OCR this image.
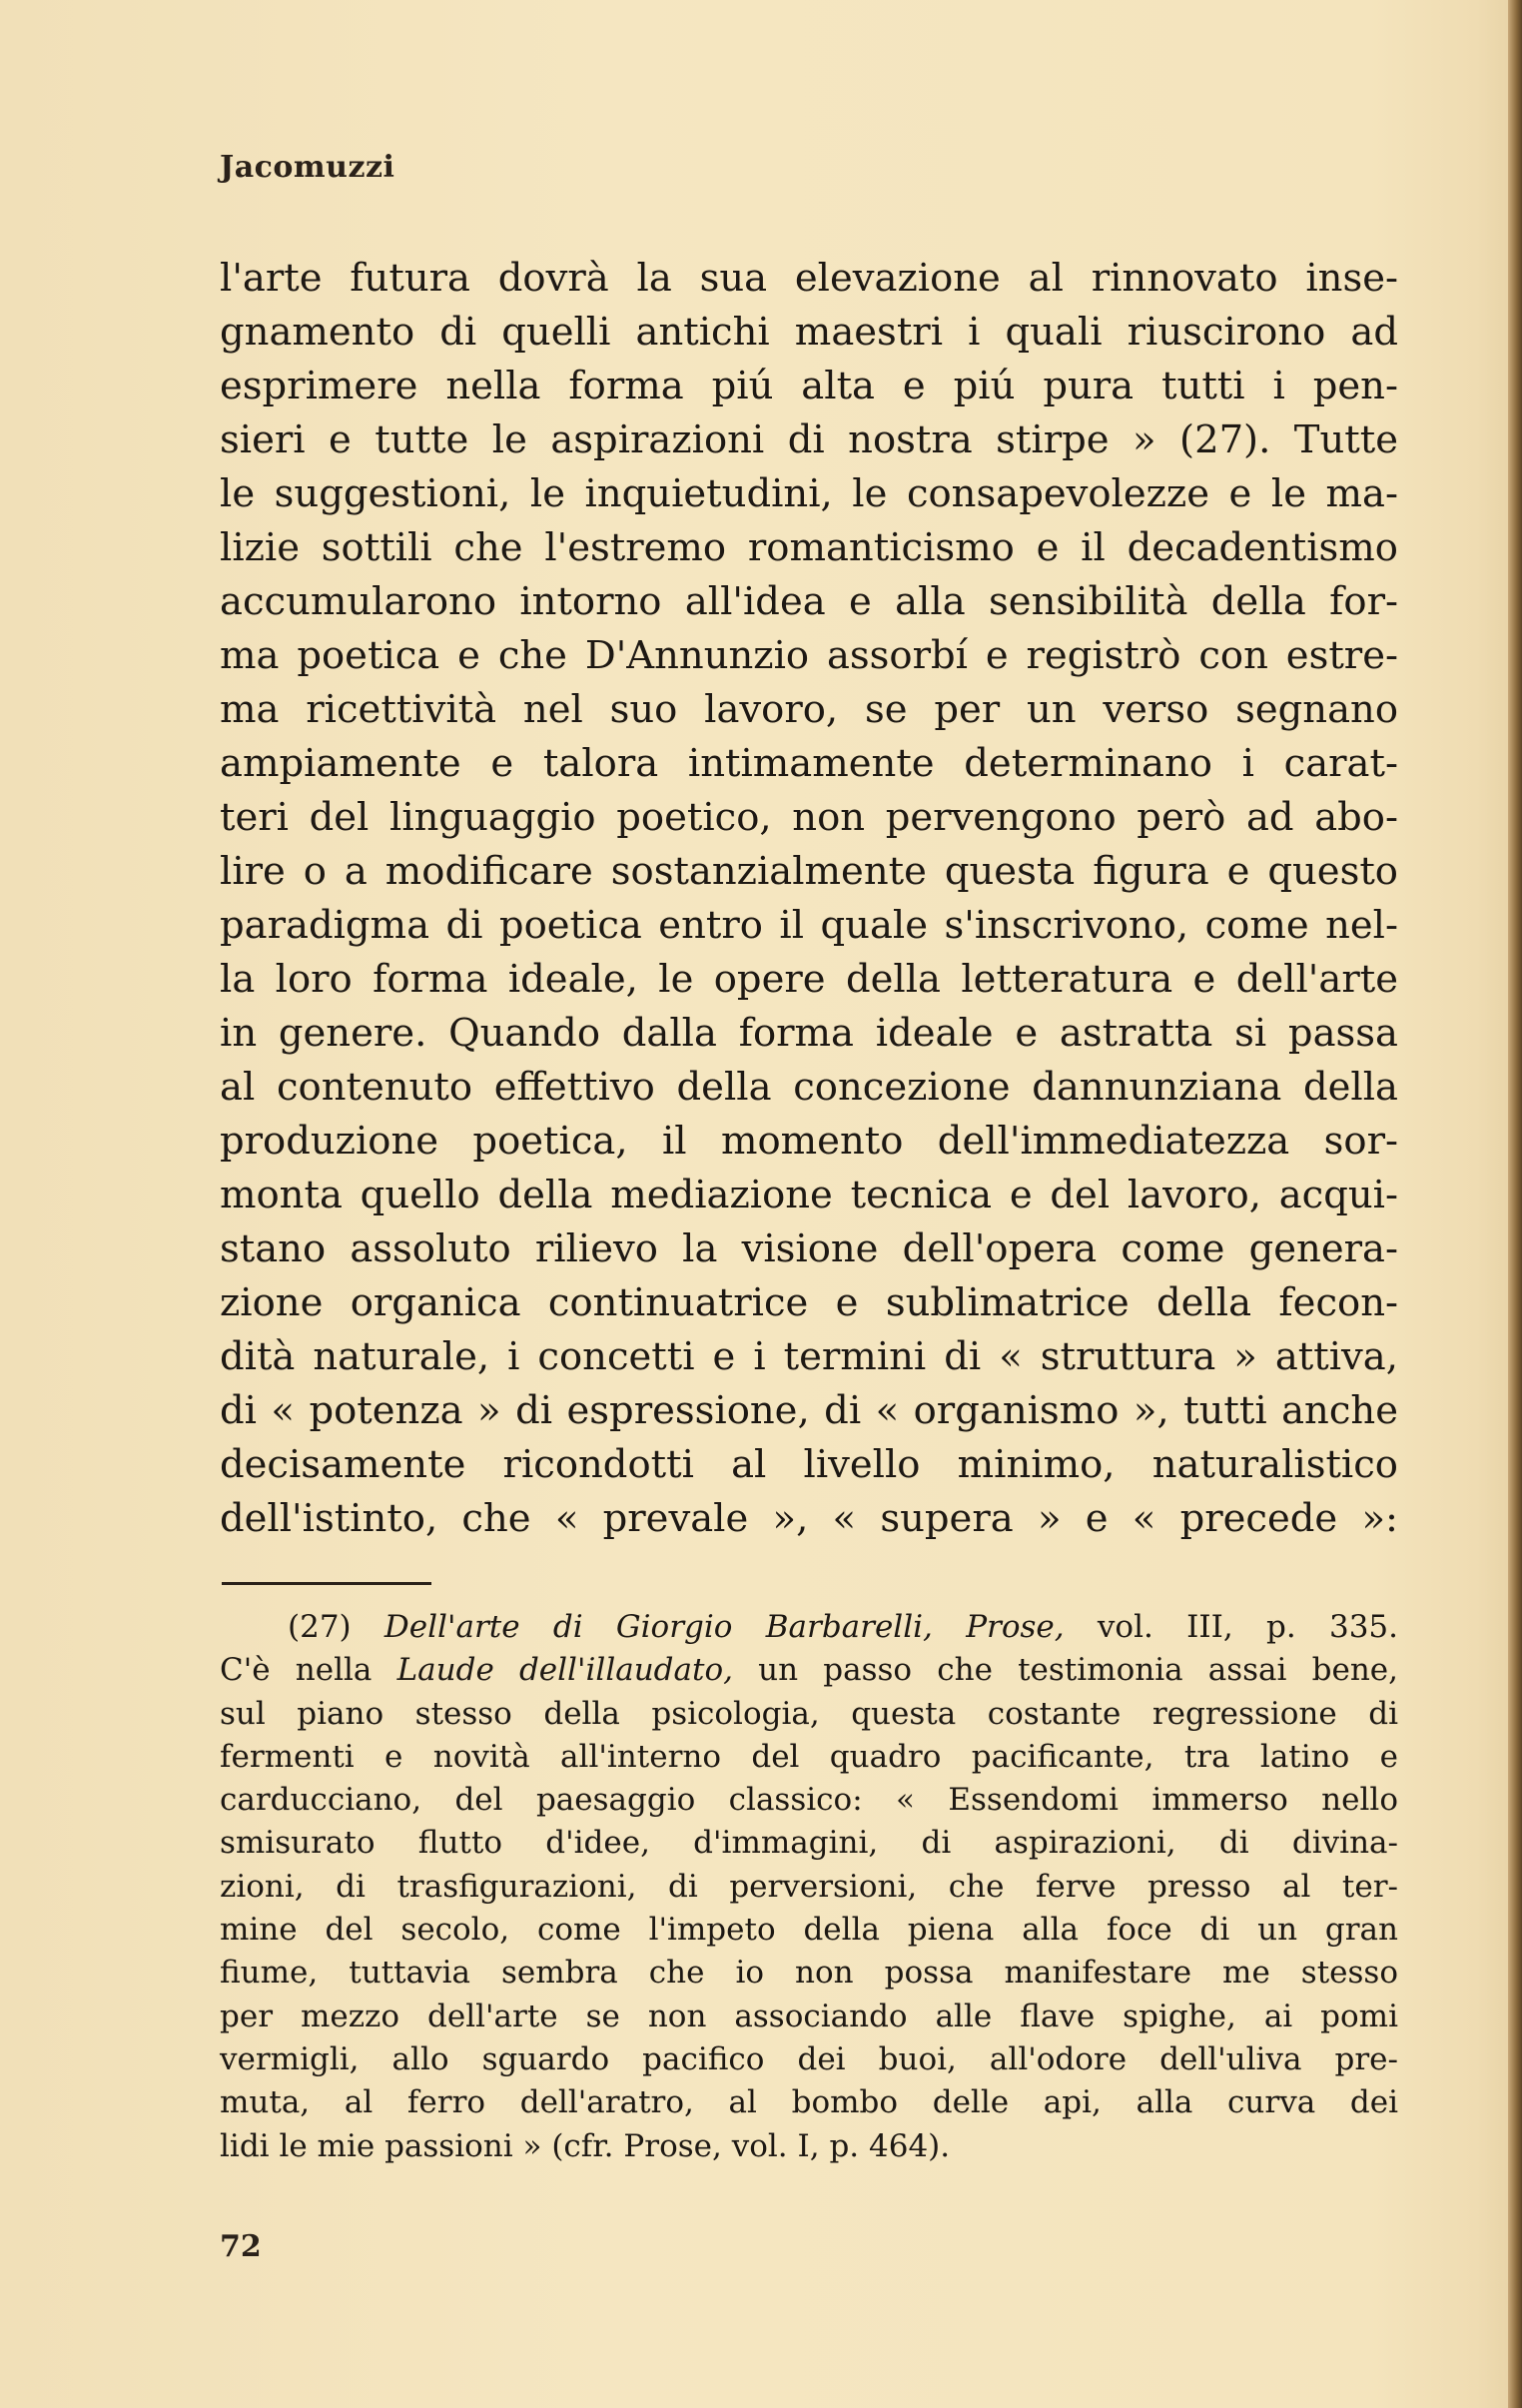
Jacomuzzi
l'arte futura dovrà la sua elevazione al rinnovato inse-
gnamento di quelli antichi maestri i quali riuscirono ad
esprimere nella forma piú alta e piú pura tutti i pen-
sieri e tutte le aspirazioni di nostra stirpe » (27). Tutte
le suggestioni, le inquietudini, le consapevolezze e le ma-
lizie sottili che l'estremo romanticismo e il decadentismo
accumularono intorno all'idea e alla sensibilità della for-
ma poetica e che D'Annunzio assorbí e registrò con estre-
ma ricettività nel suo lavoro, se per un verso segnano
ampiamente e talora intimamente determinano i carat-
teri del linguaggio poetico, non pervengono però ad abo-
lire o a modificare sostanzialmente questa figura e questo
paradigma di poetica entro il quale s'inscrivono, come nel-
la loro forma ideale, le opere della letteratura e dell'arte
in genere. Quando dalla forma ideale e astratta si passa
al contenuto effettivo della concezione dannunziana della
produzione poetica, il momento dell'immediatezza sor-
monta quello della mediazione tecnica e del lavoro, acqui-
stano assoluto rilievo la visione dell'opera come genera-
zione organica continuatrice e sublimatrice della fecon-
dità naturale, i concetti e i termini di « struttura » attiva,
di « potenza » di espressione, di « organismo », tutti anche
decisamente ricondotti al livello minimo, naturalistico
dell'istinto, che « prevale », « supera » e « precede »:
(27) Dell'arte di Giorgio Barbarelli, Prose, vol. III, p. 335.
C'è nella Laude dell'illaudato, un passo che testimonia assai bene,
sul piano stesso della psicologia, questa costante regressione di
fermenti e novità all'interno del quadro pacificante, tra latino e
carducciano, del paesaggio classico: « Essendomi immerso nello
smisurato flutto d'idee, d'immagini, di aspirazioni, di divina-
zioni, di trasfigurazioni, di perversioni, che ferve presso al ter-
mine del secolo, come l'impeto della piena alla foce di un gran
fiume, tuttavia sembra che io non possa manifestare me stesso
per mezzo dell'arte se non associando alle flave spighe, ai pomi
vermigli, allo sguardo pacifico dei buoi, all'odore dell'uliva pre-
muta, al ferro dell'aratro, al bombo delle api, alla curva dei
lidi le mie passioni » (cfr. Prose, vol. I, p. 464).
72
